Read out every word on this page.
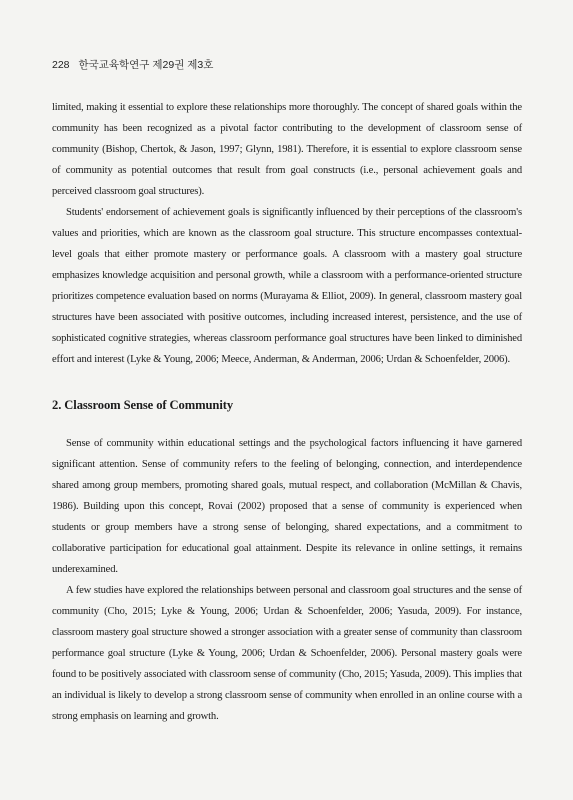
228 한국교육학연구 제29권 제3호

limited, making it essential to explore these relationships more thoroughly. The concept of shared goals within the community has been recognized as a pivotal factor contributing to the development of classroom sense of community (Bishop, Chertok, & Jason, 1997; Glynn, 1981). Therefore, it is essential to explore classroom sense of community as potential outcomes that result from goal constructs (i.e., personal achievement goals and perceived classroom goal structures).

Students' endorsement of achievement goals is significantly influenced by their perceptions of the classroom's values and priorities, which are known as the classroom goal structure. This structure encompasses contextual-level goals that either promote mastery or performance goals. A classroom with a mastery goal structure emphasizes knowledge acquisition and personal growth, while a classroom with a performance-oriented structure prioritizes competence evaluation based on norms (Murayama & Elliot, 2009). In general, classroom mastery goal structures have been associated with positive outcomes, including increased interest, persistence, and the use of sophisticated cognitive strategies, whereas classroom performance goal structures have been linked to diminished effort and interest (Lyke & Young, 2006; Meece, Anderman, & Anderman, 2006; Urdan & Schoenfelder, 2006).

2. Classroom Sense of Community

Sense of community within educational settings and the psychological factors influencing it have garnered significant attention. Sense of community refers to the feeling of belonging, connection, and interdependence shared among group members, promoting shared goals, mutual respect, and collaboration (McMillan & Chavis, 1986). Building upon this concept, Rovai (2002) proposed that a sense of community is experienced when students or group members have a strong sense of belonging, shared expectations, and a commitment to collaborative participation for educational goal attainment. Despite its relevance in online settings, it remains underexamined.

A few studies have explored the relationships between personal and classroom goal structures and the sense of community (Cho, 2015; Lyke & Young, 2006; Urdan & Schoenfelder, 2006; Yasuda, 2009). For instance, classroom mastery goal structure showed a stronger association with a greater sense of community than classroom performance goal structure (Lyke & Young, 2006; Urdan & Schoenfelder, 2006). Personal mastery goals were found to be positively associated with classroom sense of community (Cho, 2015; Yasuda, 2009). This implies that an individual is likely to develop a strong classroom sense of community when enrolled in an online course with a strong emphasis on learning and growth.
